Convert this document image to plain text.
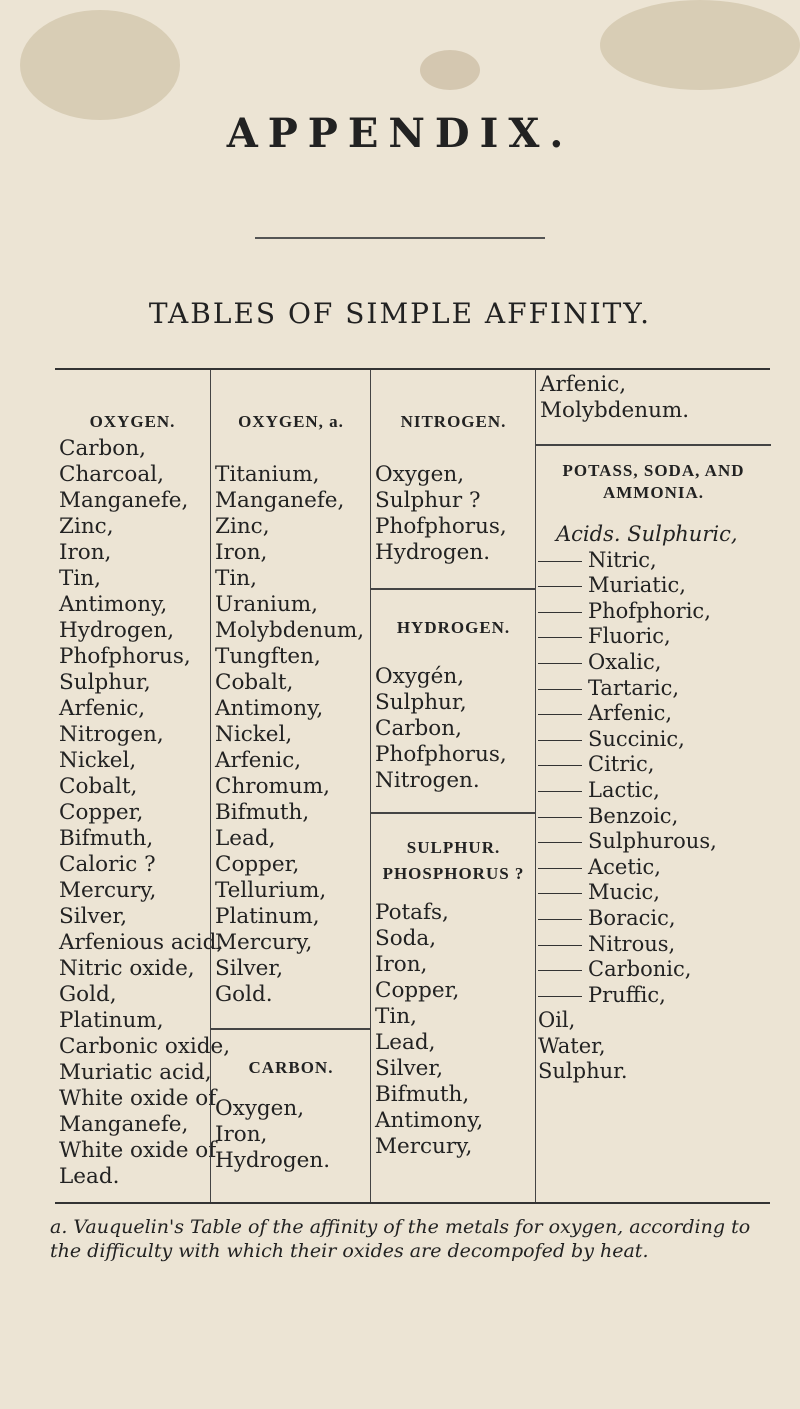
APPENDIX.
TABLES OF SIMPLE AFFINITY.
OXYGEN.
Carbon,
Charcoal,
Manganefe,
Zinc,
Iron,
Tin,
Antimony,
Hydrogen,
Phofphorus,
Sulphur,
Arfenic,
Nitrogen,
Nickel,
Cobalt,
Copper,
Bifmuth,
Caloric ?
Mercury,
Silver,
Arfenious acid,
Nitric oxide,
Gold,
Platinum,
Carbonic oxide,
Muriatic acid,
White oxide of
Manganefe,
White oxide of
Lead.
OXYGEN, a.
Titanium,
Manganefe,
Zinc,
Iron,
Tin,
Uranium,
Molybdenum,
Tungften,
Cobalt,
Antimony,
Nickel,
Arfenic,
Chromum,
Bifmuth,
Lead,
Copper,
Tellurium,
Platinum,
Mercury,
Silver,
Gold.
CARBON.
Oxygen,
Iron,
Hydrogen.
NITROGEN.
Oxygen,
Sulphur ?
Phofphorus,
Hydrogen.
HYDROGEN.
Oxygén,
Sulphur,
Carbon,
Phofphorus,
Nitrogen.
SULPHUR.
PHOSPHORUS ?
Potafs,
Soda,
Iron,
Copper,
Tin,
Lead,
Silver,
Bifmuth,
Antimony,
Mercury,
Arfenic,
Molybdenum.
POTASS, SODA, AND AMMONIA.
Acids. Sulphuric,
Nitric,
Muriatic,
Phofphoric,
Fluoric,
Oxalic,
Tartaric,
Arfenic,
Succinic,
Citric,
Lactic,
Benzoic,
Sulphurous,
Acetic,
Mucic,
Boracic,
Nitrous,
Carbonic,
Pruffic,
Oil,
Water,
Sulphur.
a. Vauquelin's Table of the affinity of the metals for oxygen, according to the difficulty with which their oxides are decompofed by heat.
